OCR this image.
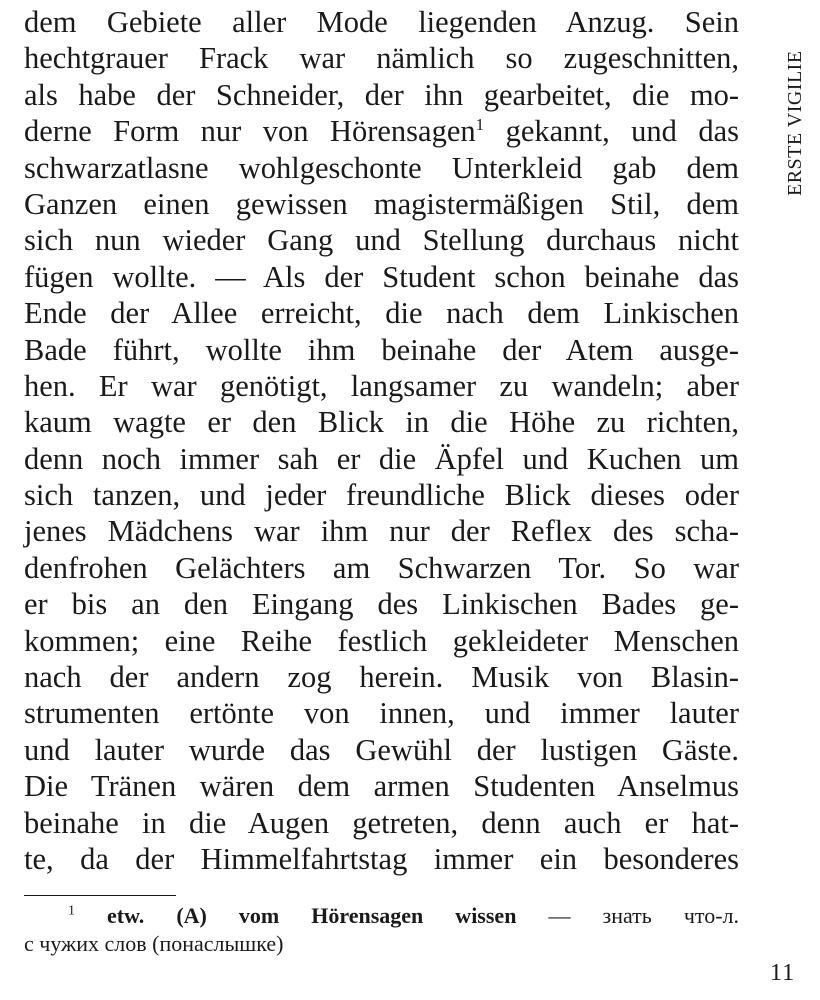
ERSTE VIGILIE
dem Gebiete aller Mode liegenden Anzug. Sein
hechtgrauer Frack war nämlich so zugeschnitten,
als habe der Schneider, der ihn gearbeitet, die mo-
derne Form nur von Hörensagen$^1$ gekannt, und das
schwarzatlasne wohlgeschonte Unterkleid gab dem
Ganzen einen gewissen magistermäßigen Stil, dem
sich nun wieder Gang und Stellung durchaus nicht
fügen wollte. — Als der Student schon beinahe das
Ende der Allee erreicht, die nach dem Linkischen
Bade führt, wollte ihm beinahe der Atem ausge-
hen. Er war genötigt, langsamer zu wandeln; aber
kaum wagte er den Blick in die Höhe zu richten,
denn noch immer sah er die Äpfel und Kuchen um
sich tanzen, und jeder freundliche Blick dieses oder
jenes Mädchens war ihm nur der Reflex des scha-
denfrohen Gelächters am Schwarzen Tor. So war
er bis an den Eingang des Linkischen Bades ge-
kommen; eine Reihe festlich gekleideter Menschen
nach der andern zog herein. Musik von Blasin-
strumenten ertönte von innen, und immer lauter
und lauter wurde das Gewühl der lustigen Gäste.
Die Tränen wären dem armen Studenten Anselmus
beinahe in die Augen getreten, denn auch er hat-
te, da der Himmelfahrtstag immer ein besonderes
$^1$ etw. (A) vom Hörensagen wissen — знать что-л.
с чужих слов (понаслышке)
11
